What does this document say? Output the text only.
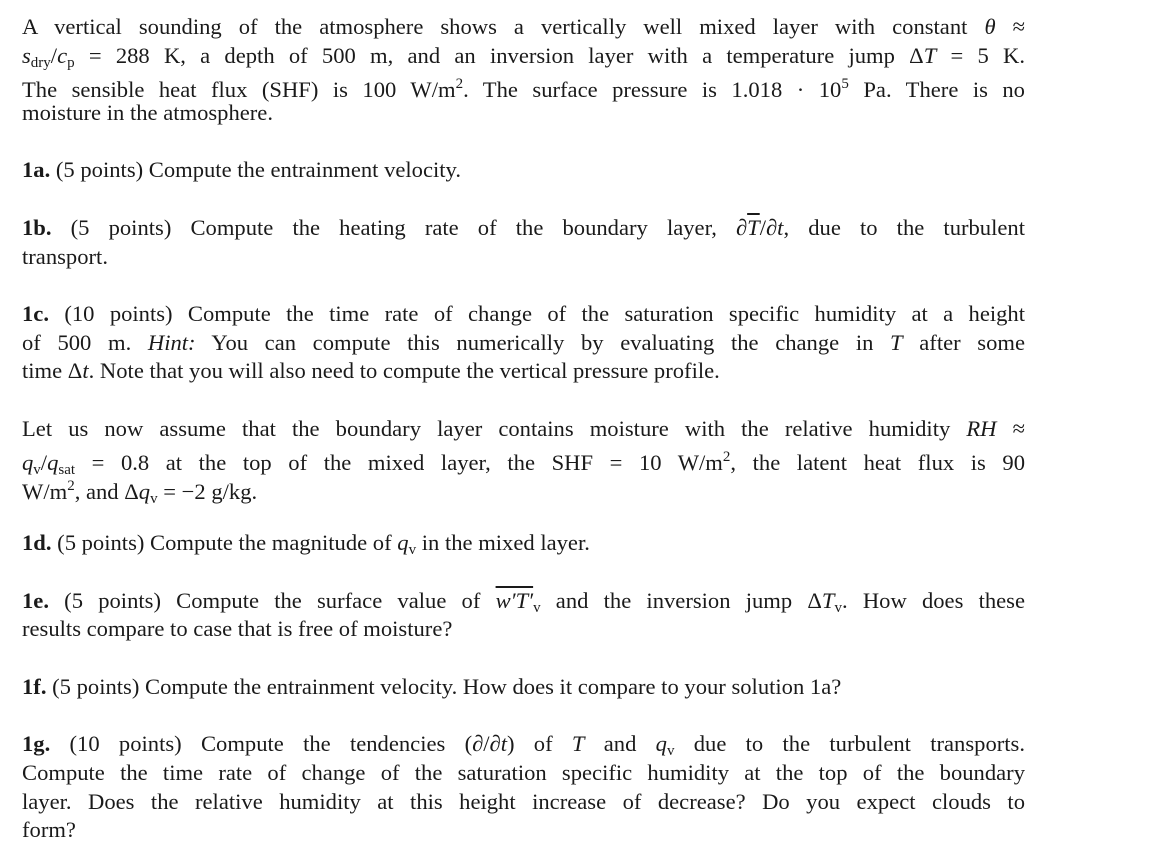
A vertical sounding of the atmosphere shows a vertically well mixed layer with constant θ ≈
$s_{dry}/c_p = 288$ K, a depth of 500 m, and an inversion layer with a temperature jump ΔT = 5 K.
The sensible heat flux (SHF) is 100 $W/m^2$. The surface pressure is $1.018 \cdot 10^5$ Pa. There is no
moisture in the atmosphere.
1a. (5 points) Compute the entrainment velocity.
1b. (5 points) Compute the heating rate of the boundary layer, $\partial\overline{T}/\partial t$, due to the turbulent
transport.
1c. (10 points) Compute the time rate of change of the saturation specific humidity at a height
of 500 m. Hint: You can compute this numerically by evaluating the change in T after some
time Δt. Note that you will also need to compute the vertical pressure profile.
Let us now assume that the boundary layer contains moisture with the relative humidity RH ≈
$q_v/q_{sat} = 0.8$ at the top of the mixed layer, the SHF = 10 $W/m^2$, the latent heat flux is 90
$W/m^2$, and $\Delta q_v = -2$ g/kg.
1d. (5 points) Compute the magnitude of $q_v$ in the mixed layer.
1e. (5 points) Compute the surface value of $w'T'_v$ and the inversion jump $\Delta T_v$. How does these
results compare to case that is free of moisture?
1f. (5 points) Compute the entrainment velocity. How does it compare to your solution 1a?
1g. (10 points) Compute the tendencies (∂/∂t) of T and $q_v$ due to the turbulent transports.
Compute the time rate of change of the saturation specific humidity at the top of the boundary
layer. Does the relative humidity at this height increase of decrease? Do you expect clouds to
form?
